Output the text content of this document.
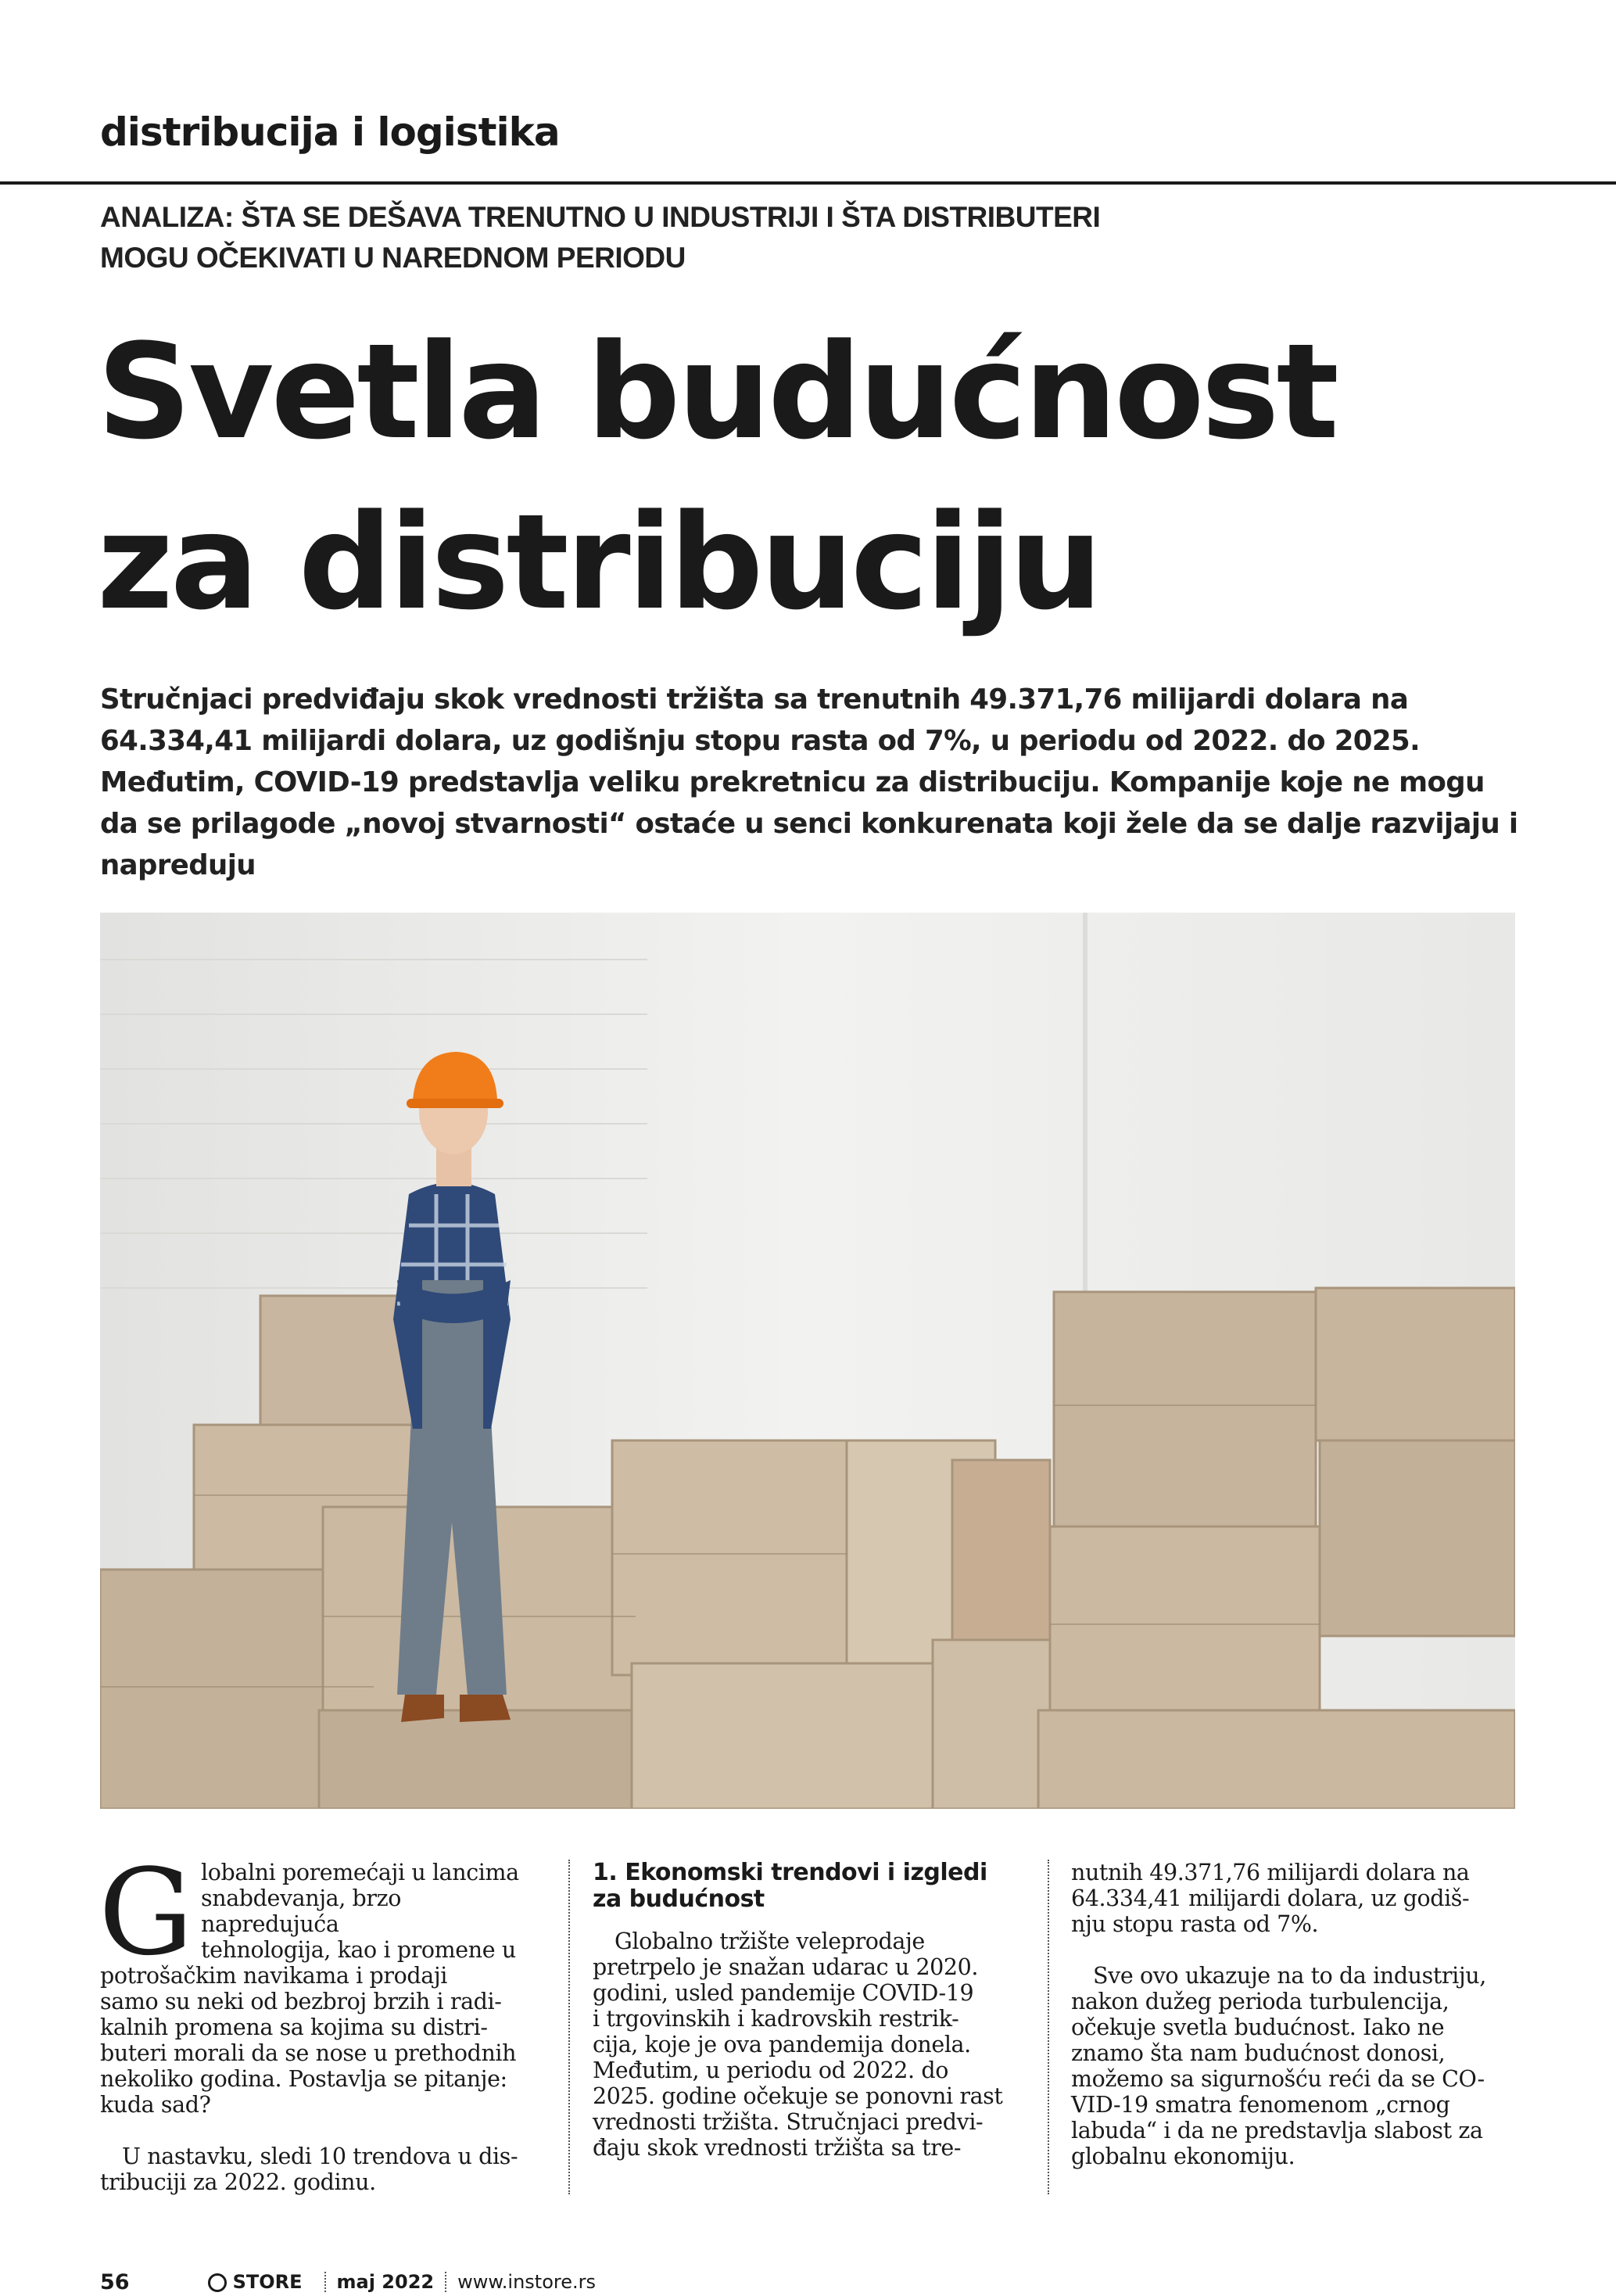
distribucija i logistika
ANALIZA: ŠTA SE DEŠAVA TRENUTNO U INDUSTRIJI I ŠTA DISTRIBUTERI
MOGU OČEKIVATI U NAREDNOM PERIODU
Svetla budućnost
za distribuciju
Stručnjaci predviđaju skok vrednosti tržišta sa trenutnih 49.371,76 milijardi dolara na 64.334,41 milijardi dolara, uz godišnju stopu rasta od 7%, u periodu od 2022. do 2025. Međutim, COVID-19 predstavlja veliku prekretnicu za distribuciju. Kompanije koje ne mogu da se prilagode „novoj stvarnosti“ ostaće u senci konkurenata koji žele da se dalje razvijaju i napreduju
G lobalni poremećaji u lancima
snabdevanja, brzo napredujuća
tehnologija, kao i promene u
potrošačkim navikama i prodaji
samo su neki od bezbroj brzih i radi-
kalnih promena sa kojima su distri-
buteri morali da se nose u prethodnih
nekoliko godina. Postavlja se pitanje:
kuda sad?

U nastavku, sledi 10 trendova u dis-
tribuciji za 2022. godinu.

1. Ekonomski trendovi i izgledi
za budućnost

Globalno tržište veleprodaje
pretrpelo je snažan udarac u 2020.
godini, usled pandemije COVID-19
i trgovinskih i kadrovskih restrik-
cija, koje je ova pandemija donela.
Međutim, u periodu od 2022. do
2025. godine očekuje se ponovni rast
vrednosti tržišta. Stručnjaci predvi-
đaju skok vrednosti tržišta sa tre-

nutnih 49.371,76 milijardi dolara na
64.334,41 milijardi dolara, uz godiš-
nju stopu rasta od 7%.

Sve ovo ukazuje na to da industriju,
nakon dužeg perioda turbulencija,
očekuje svetla budućnost. Iako ne
znamo šta nam budućnost donosi,
možemo sa sigurnošću reći da se CO-
VID-19 smatra fenomenom „crnog
labuda“ i da ne predstavlja slabost za
globalnu ekonomiju.

56	STORE maj 2022 www.instore.rs
